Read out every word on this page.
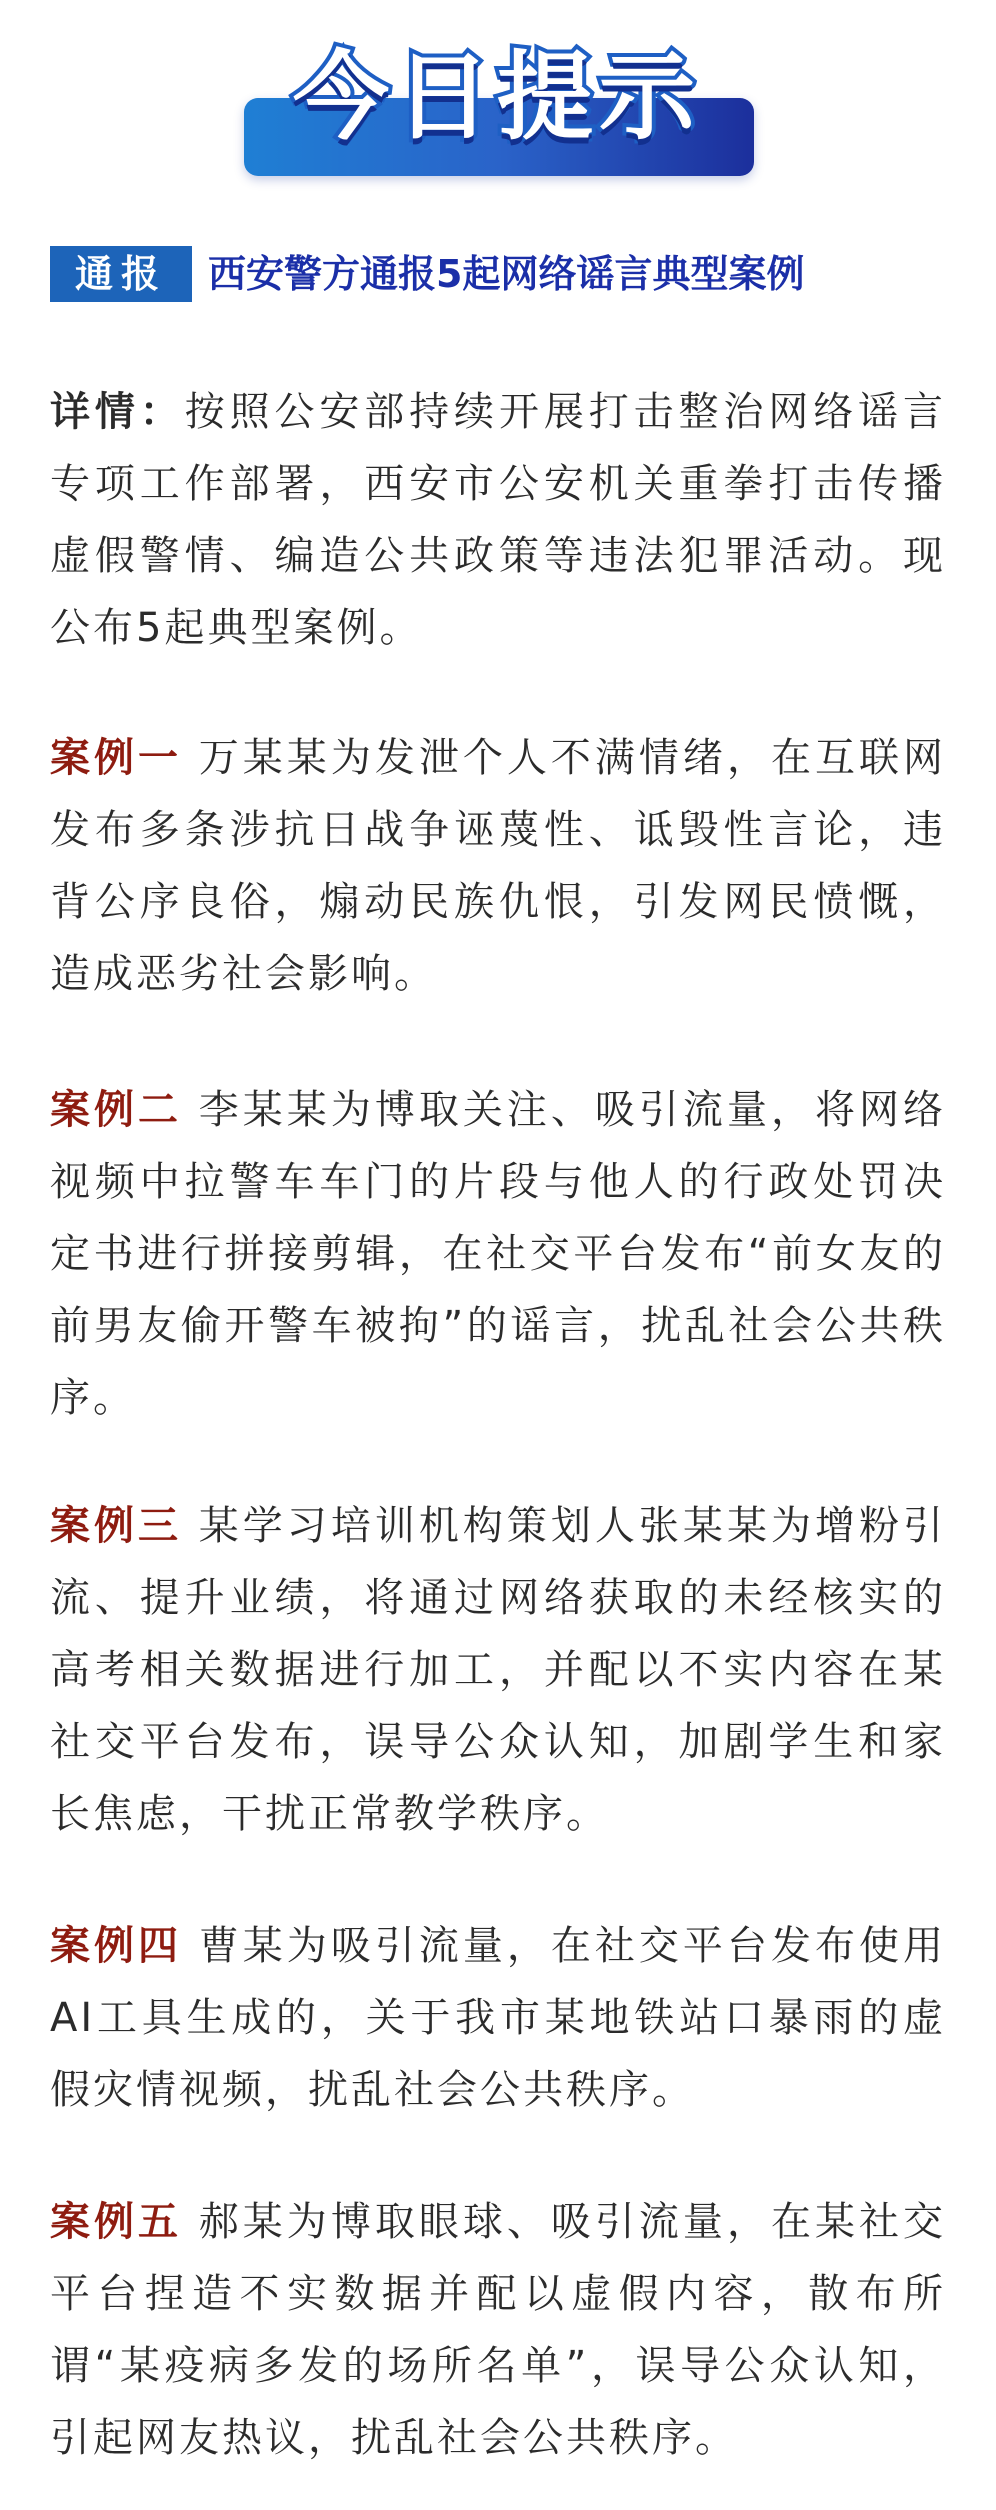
今日提示
通报	西安警方通报5起网络谣言典型案例

详情：按照公安部持续开展打击整治网络谣言专项工作部署，西安市公安机关重拳打击传播虚假警情、编造公共政策等违法犯罪活动。现公布5起典型案例。

案例一 万某某为发泄个人不满情绪，在互联网发布多条涉抗日战争诬蔑性、诋毁性言论，违背公序良俗，煽动民族仇恨，引发网民愤慨，造成恶劣社会影响。

案例二 李某某为博取关注、吸引流量，将网络视频中拉警车车门的片段与他人的行政处罚决定书进行拼接剪辑，在社交平台发布“前女友的前男友偷开警车被拘”的谣言，扰乱社会公共秩序。

案例三 某学习培训机构策划人张某某为增粉引流、提升业绩，将通过网络获取的未经核实的高考相关数据进行加工，并配以不实内容在某社交平台发布，误导公众认知，加剧学生和家长焦虑，干扰正常教学秩序。

案例四 曹某为吸引流量，在社交平台发布使用AI工具生成的，关于我市某地铁站口暴雨的虚假灾情视频，扰乱社会公共秩序。

案例五 郝某为博取眼球、吸引流量，在某社交平台捏造不实数据并配以虚假内容，散布所谓“某疫病多发的场所名单”，误导公众认知，引起网友热议，扰乱社会公共秩序。
